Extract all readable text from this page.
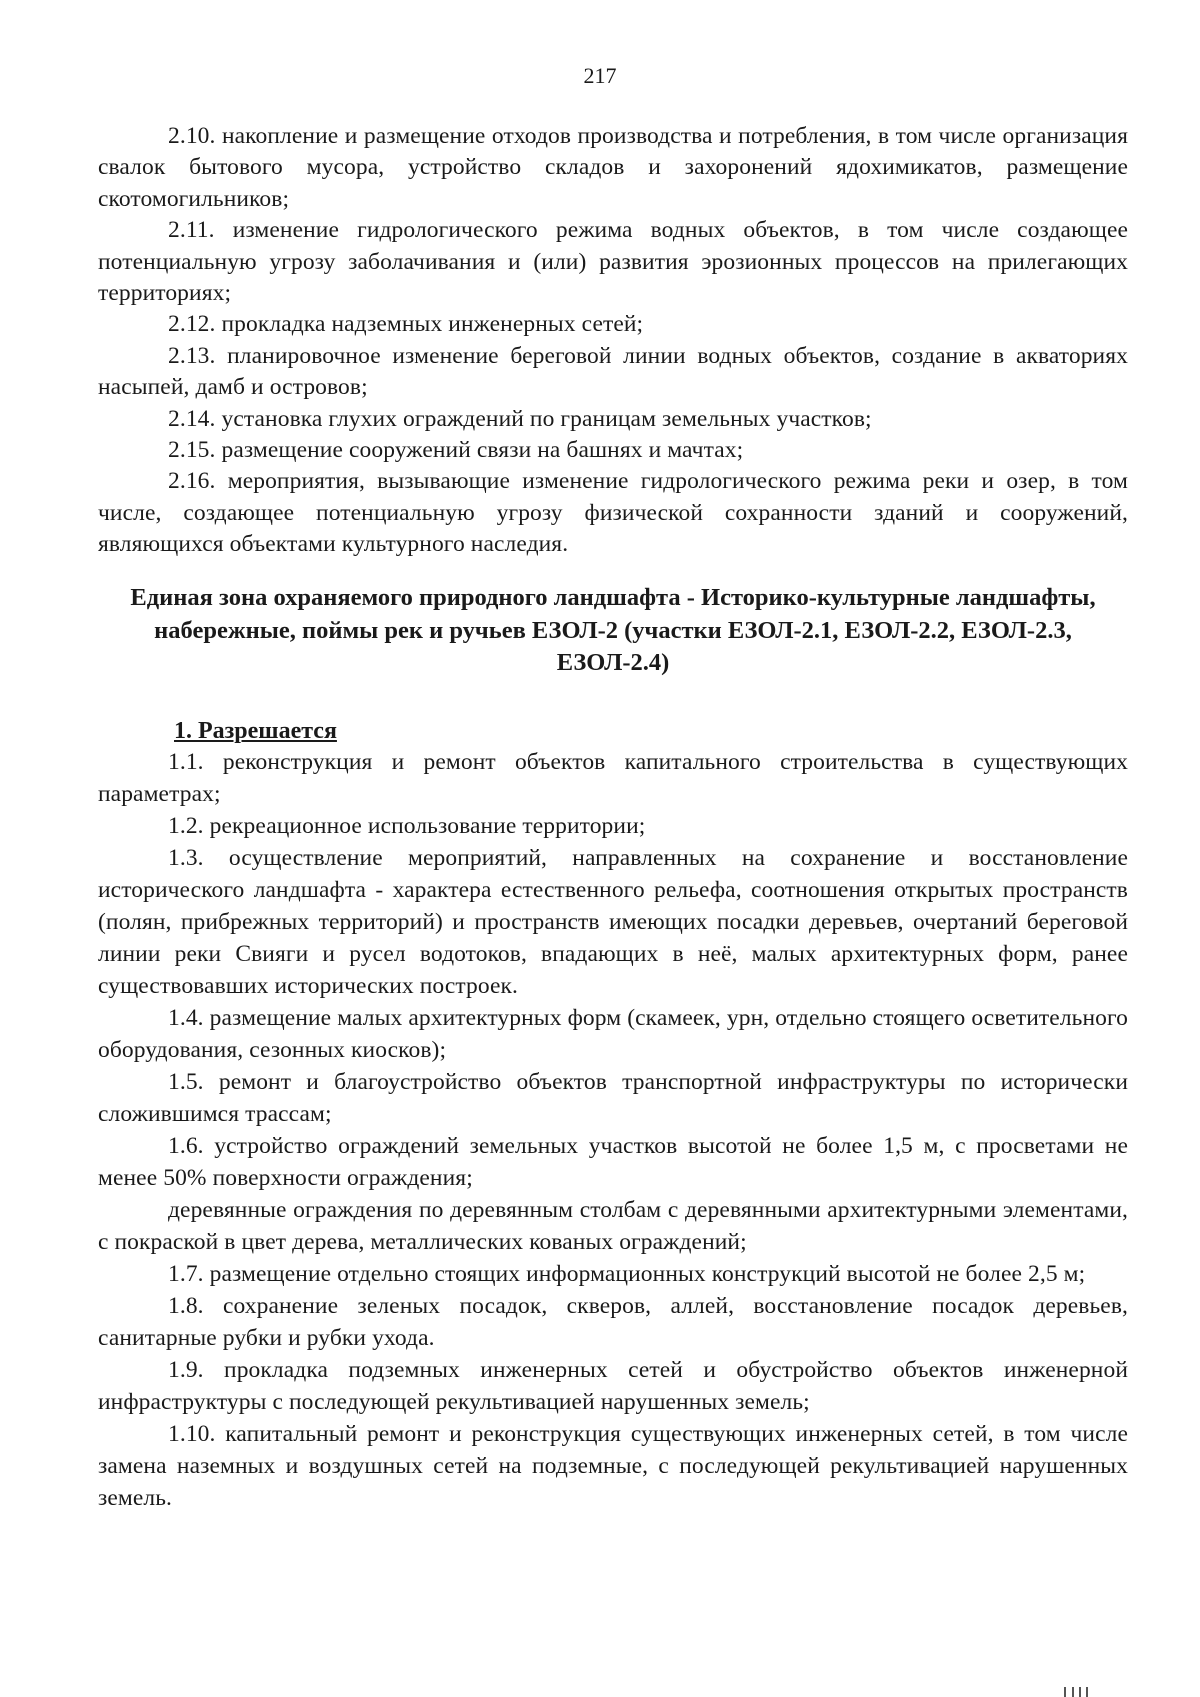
217

2.10. накопление и размещение отходов производства и потребления, в том числе организация свалок бытового мусора, устройство складов и захоронений ядохимикатов, размещение скотомогильников;

2.11. изменение гидрологического режима водных объектов, в том числе создающее потенциальную угрозу заболачивания и (или) развития эрозионных процессов на прилегающих территориях;

2.12. прокладка надземных инженерных сетей;

2.13. планировочное изменение береговой линии водных объектов, создание в акваториях насыпей, дамб и островов;

2.14. установка глухих ограждений по границам земельных участков;

2.15. размещение сооружений связи на башнях и мачтах;

2.16. мероприятия, вызывающие изменение гидрологического режима реки и озер, в том числе, создающее потенциальную угрозу физической сохранности зданий и сооружений, являющихся объектами культурного наследия.

Единая зона охраняемого природного ландшафта - Историко-культурные ландшафты, набережные, поймы рек и ручьев ЕЗОЛ-2 (участки ЕЗОЛ-2.1, ЕЗОЛ-2.2, ЕЗОЛ-2.3, ЕЗОЛ-2.4)
1. Разрешается

1.1. реконструкция и ремонт объектов капитального строительства в существующих параметрах;

1.2. рекреационное использование территории;

1.3. осуществление мероприятий, направленных на сохранение и восстановление исторического ландшафта - характера естественного рельефа, соотношения открытых пространств (полян, прибрежных территорий) и пространств имеющих посадки деревьев, очертаний береговой линии реки Свияги и русел водотоков, впадающих в неё, малых архитектурных форм, ранее существовавших исторических построек.

1.4. размещение малых архитектурных форм (скамеек, урн, отдельно стоящего осветительного оборудования, сезонных киосков);

1.5. ремонт и благоустройство объектов транспортной инфраструктуры по исторически сложившимся трассам;

1.6. устройство ограждений земельных участков высотой не более 1,5 м, с просветами не менее 50% поверхности ограждения;

деревянные ограждения по деревянным столбам с деревянными архитектурными элементами, с покраской в цвет дерева, металлических кованых ограждений;

1.7. размещение отдельно стоящих информационных конструкций высотой не более 2,5 м;

1.8. сохранение зеленых посадок, скверов, аллей, восстановление посадок деревьев, санитарные рубки и рубки ухода.

1.9. прокладка подземных инженерных сетей и обустройство объектов инженерной инфраструктуры с последующей рекультивацией нарушенных земель;

1.10. капитальный ремонт и реконструкция существующих инженерных сетей, в том числе замена наземных и воздушных сетей на подземные, с последующей рекультивацией нарушенных земель.
